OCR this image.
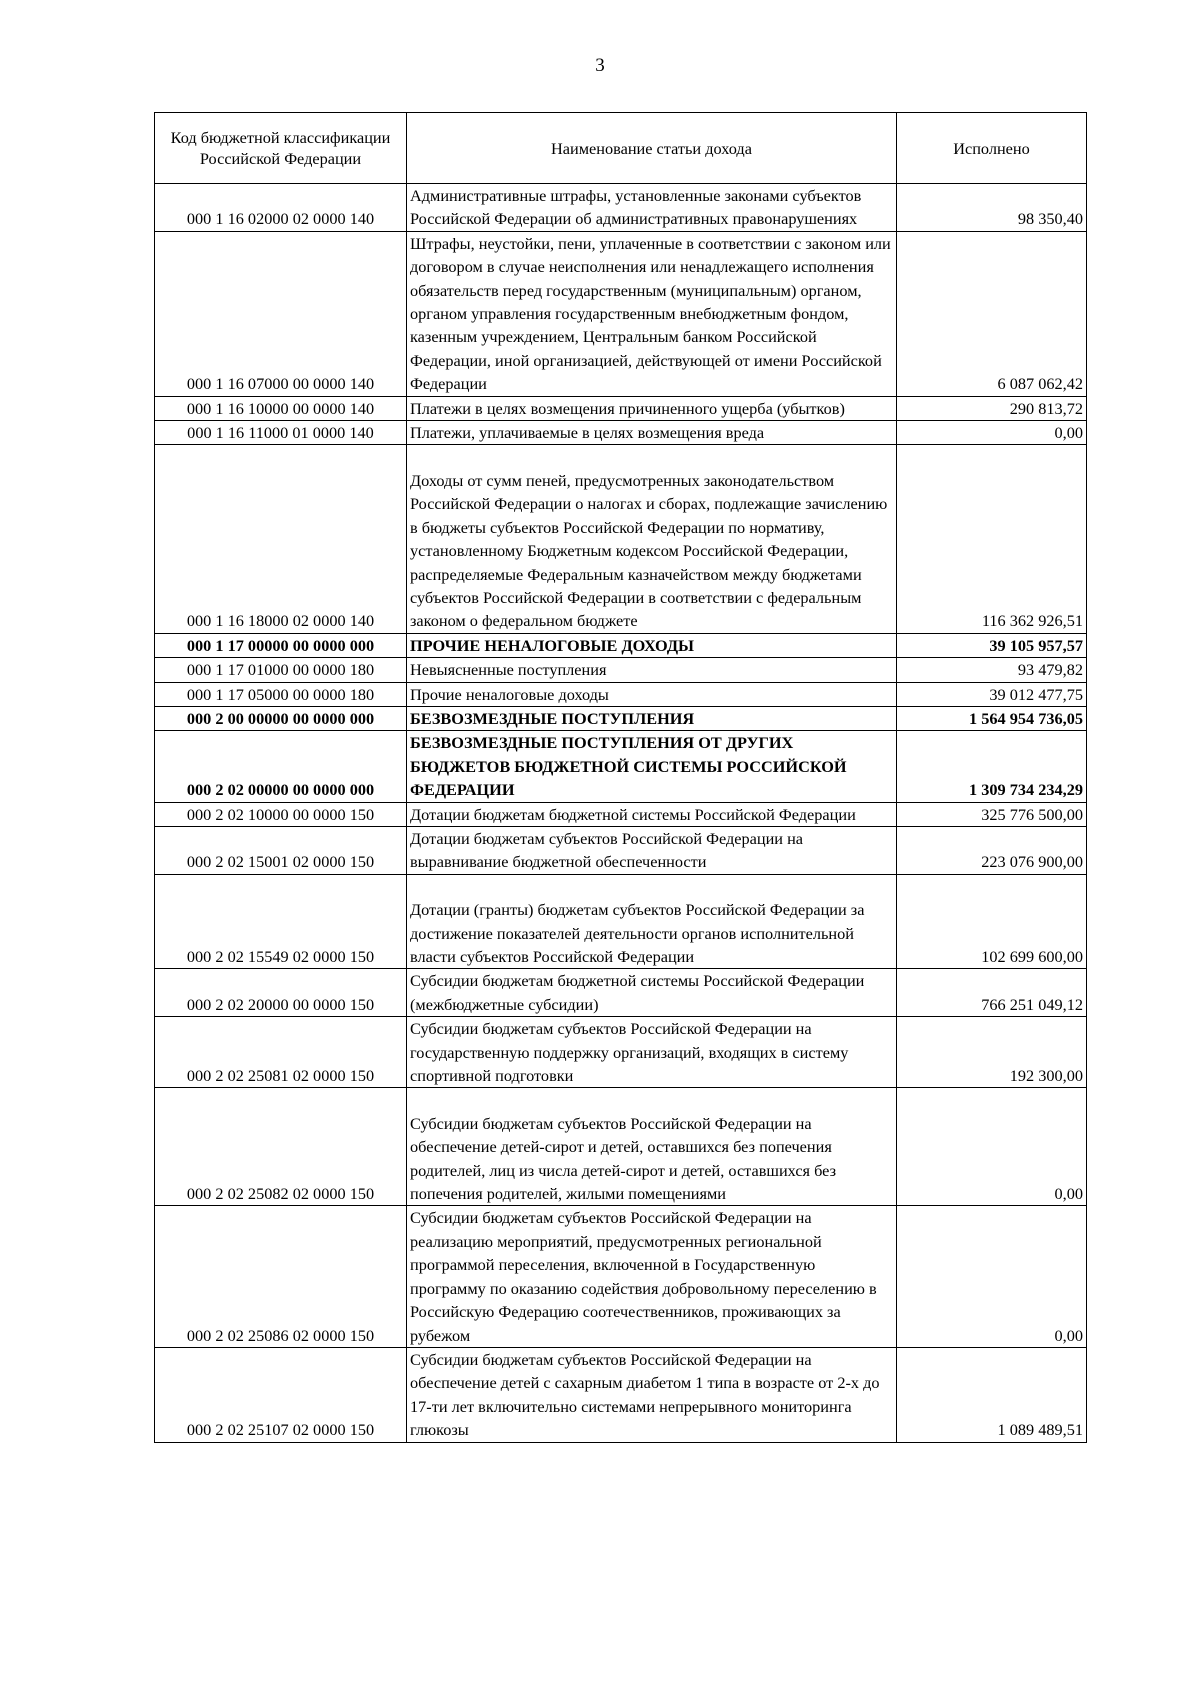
3
Код бюджетной классификации Российской Федерации	Наименование статьи дохода	Исполнено
000 1 16 02000 02 0000 140	Административные штрафы, установленные законами субъектов Российской Федерации об административных правонарушениях	98 350,40
000 1 16 07000 00 0000 140	Штрафы, неустойки, пени, уплаченные в соответствии с законом или договором в случае неисполнения или ненадлежащего исполнения обязательств перед государственным (муниципальным) органом, органом управления государственным внебюджетным фондом, казенным учреждением, Центральным банком Российской Федерации, иной организацией, действующей от имени Российской Федерации	6 087 062,42
000 1 16 10000 00 0000 140	Платежи в целях возмещения причиненного ущерба (убытков)	290 813,72
000 1 16 11000 01 0000 140	Платежи, уплачиваемые в целях возмещения вреда	0,00
000 1 16 18000 02 0000 140	Доходы от сумм пеней, предусмотренных законодательством Российской Федерации о налогах и сборах, подлежащие зачислению в бюджеты субъектов Российской Федерации по нормативу, установленному Бюджетным кодексом Российской Федерации, распределяемые Федеральным казначейством между бюджетами субъектов Российской Федерации в соответствии с федеральным законом о федеральном бюджете	116 362 926,51
000 1 17 00000 00 0000 000	ПРОЧИЕ НЕНАЛОГОВЫЕ ДОХОДЫ	39 105 957,57
000 1 17 01000 00 0000 180	Невыясненные поступления	93 479,82
000 1 17 05000 00 0000 180	Прочие неналоговые доходы	39 012 477,75
000 2 00 00000 00 0000 000	БЕЗВОЗМЕЗДНЫЕ ПОСТУПЛЕНИЯ	1 564 954 736,05
000 2 02 00000 00 0000 000	БЕЗВОЗМЕЗДНЫЕ ПОСТУПЛЕНИЯ ОТ ДРУГИХ БЮДЖЕТОВ БЮДЖЕТНОЙ СИСТЕМЫ РОССИЙСКОЙ ФЕДЕРАЦИИ	1 309 734 234,29
000 2 02 10000 00 0000 150	Дотации бюджетам бюджетной системы Российской Федерации	325 776 500,00
000 2 02 15001 02 0000 150	Дотации бюджетам субъектов Российской Федерации на выравнивание бюджетной обеспеченности	223 076 900,00
000 2 02 15549 02 0000 150	Дотации (гранты) бюджетам субъектов Российской Федерации за достижение показателей деятельности органов исполнительной власти субъектов Российской Федерации	102 699 600,00
000 2 02 20000 00 0000 150	Субсидии бюджетам бюджетной системы Российской Федерации (межбюджетные субсидии)	766 251 049,12
000 2 02 25081 02 0000 150	Субсидии бюджетам субъектов Российской Федерации на государственную поддержку организаций, входящих в систему спортивной подготовки	192 300,00
000 2 02 25082 02 0000 150	Субсидии бюджетам субъектов Российской Федерации на обеспечение детей-сирот и детей, оставшихся без попечения родителей, лиц из числа детей-сирот и детей, оставшихся без попечения родителей, жилыми помещениями	0,00
000 2 02 25086 02 0000 150	Субсидии бюджетам субъектов Российской Федерации на реализацию мероприятий, предусмотренных региональной программой переселения, включенной в Государственную программу по оказанию содействия добровольному переселению в Российскую Федерацию соотечественников, проживающих за рубежом	0,00
000 2 02 25107 02 0000 150	Субсидии бюджетам субъектов Российской Федерации на обеспечение детей с сахарным диабетом 1 типа в возрасте от 2-х до 17-ти лет включительно системами непрерывного мониторинга глюкозы	1 089 489,51
